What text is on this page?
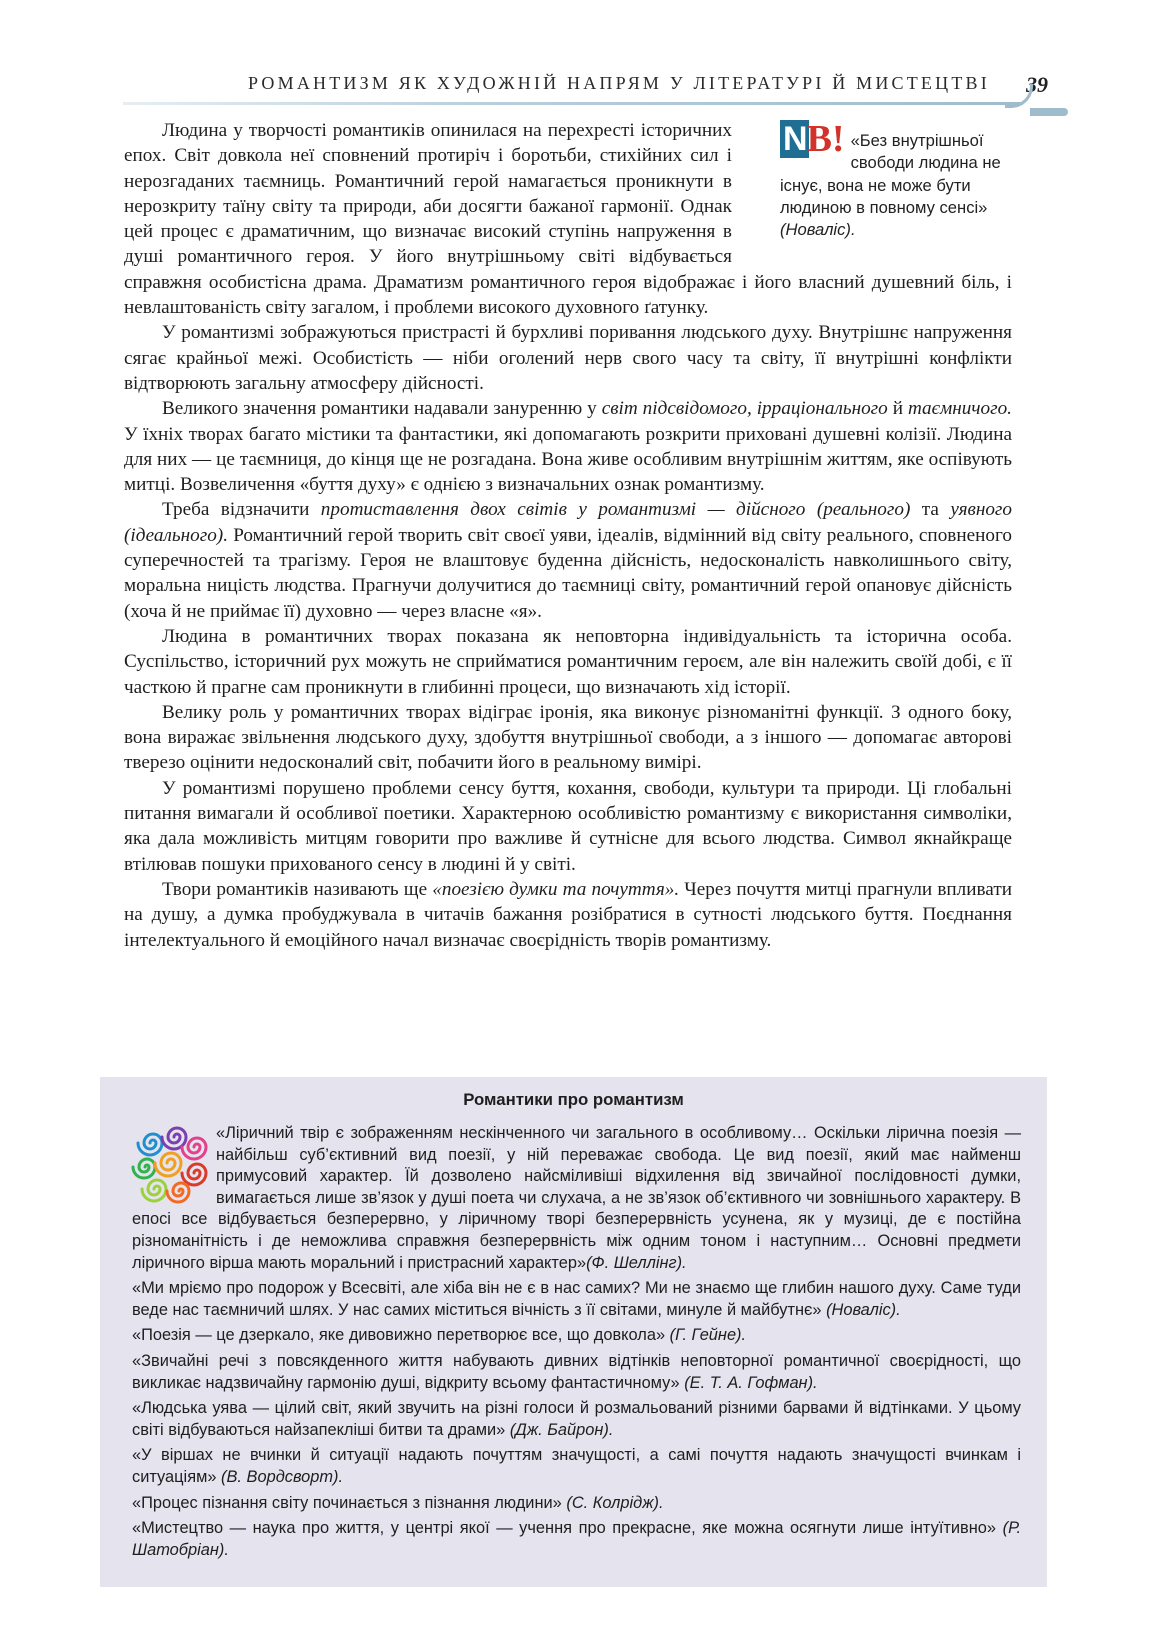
РОМАНТИЗМ ЯК ХУДОЖНІЙ НАПРЯМ У ЛІТЕРАТУРІ Й МИСТЕЦТВІ 39
N B! «Без внутрішньої свободи людина не існує, вона не може бути людиною в повному сенсі» (Новаліс).

Людина у творчості романтиків опинилася на перехресті історичних епох. Світ довкола неї сповнений протиріч і боротьби, стихійних сил і нерозгаданих таємниць. Романтичний герой намагається проникнути в нерозкриту таїну світу та природи, аби досягти бажаної гармонії. Однак цей процес є драматичним, що визначає високий ступінь напруження в душі романтичного героя. У його внутрішньому світі відбувається справжня особистісна драма. Драматизм романтичного героя відображає і його власний душевний біль, і невлаштованість світу загалом, і проблеми високого духовного ґатунку.

У романтизмі зображуються пристрасті й бурхливі поривання людського духу. Внутрішнє напруження сягає крайньої межі. Особистість — ніби оголений нерв свого часу та світу, її внутрішні конфлікти відтворюють загальну атмосферу дійсності.

Великого значення романтики надавали зануренню у світ підсвідомого, ірраціонального й таємничого. У їхніх творах багато містики та фантастики, які допомагають розкрити приховані душевні колізії. Людина для них — це таємниця, до кінця ще не розгадана. Вона живе особливим внутрішнім життям, яке оспівують митці. Возвеличення «буття духу» є однією з визначальних ознак романтизму.

Треба відзначити протиставлення двох світів у романтизмі — дійсного (реального) та уявного (ідеального). Романтичний герой творить світ своєї уяви, ідеалів, відмінний від світу реального, сповненого суперечностей та трагізму. Героя не влаштовує буденна дійсність, недосконалість навколишнього світу, моральна ницість людства. Прагнучи долучитися до таємниці світу, романтичний герой опановує дійсність (хоча й не приймає її) духовно — через власне «я».

Людина в романтичних творах показана як неповторна індивідуальність та історична особа. Суспільство, історичний рух можуть не сприйматися романтичним героєм, але він належить своїй добі, є її часткою й прагне сам проникнути в глибинні процеси, що визначають хід історії.

Велику роль у романтичних творах відіграє іронія, яка виконує різноманітні функції. З одного боку, вона виражає звільнення людського духу, здобуття внутрішньої свободи, а з іншого — допомагає авторові тверезо оцінити недосконалий світ, побачити його в реальному вимірі.

У романтизмі порушено проблеми сенсу буття, кохання, свободи, культури та природи. Ці глобальні питання вимагали й особливої поетики. Характерною особливістю романтизму є використання символіки, яка дала можливість митцям говорити про важливе й сутнісне для всього людства. Символ якнайкраще втілював пошуки прихованого сенсу в людині й у світі.

Твори романтиків називають ще «поезією думки та почуття». Через почуття митці прагнули впливати на душу, а думка пробуджувала в читачів бажання розібратися в сутності людського буття. Поєднання інтелектуального й емоційного начал визначає своєрідність творів романтизму.

Романтики про романтизм

«Ліричний твір є зображенням нескінченного чи загального в особливому… Оскільки лірична поезія — найбільш суб’єктивний вид поезії, у ній переважає свобода. Це вид поезії, який має найменш примусовий характер. Їй дозволено найсміливіші відхилення від звичайної послідовності думки, вимагається лише зв’язок у душі поета чи слухача, а не зв’язок об’єктивного чи зовнішнього характеру. В епосі все відбувається безперервно, у ліричному творі безперервність усунена, як у музиці, де є постійна різноманітність і де неможлива справжня безперервність між одним тоном і наступним… Основні предмети ліричного вірша мають моральний і пристрасний характер»(Ф. Шеллінг).

«Ми мріємо про подорож у Всесвіті, але хіба він не є в нас самих? Ми не знаємо ще глибин нашого духу. Саме туди веде нас таємничий шлях. У нас самих міститься вічність з її світами, минуле й майбутнє» (Новаліс).

«Поезія — це дзеркало, яке дивовижно перетворює все, що довкола» (Г. Гейне).

«Звичайні речі з повсякденного життя набувають дивних відтінків неповторної романтичної своєрідності, що викликає надзвичайну гармонію душі, відкриту всьому фантастичному» (Е. Т. А. Гофман).

«Людська уява — цілий світ, який звучить на різні голоси й розмальований різними барвами й відтінками. У цьому світі відбуваються найзапекліші битви та драми» (Дж. Байрон).

«У віршах не вчинки й ситуації надають почуттям значущості, а самі почуття надають значущості вчинкам і ситуаціям» (В. Вордсворт).

«Процес пізнання світу починається з пізнання людини» (С. Колрідж).

«Мистецтво — наука про життя, у центрі якої — учення про прекрасне, яке можна осягнути лише інтуїтивно» (Р. Шатобріан).
